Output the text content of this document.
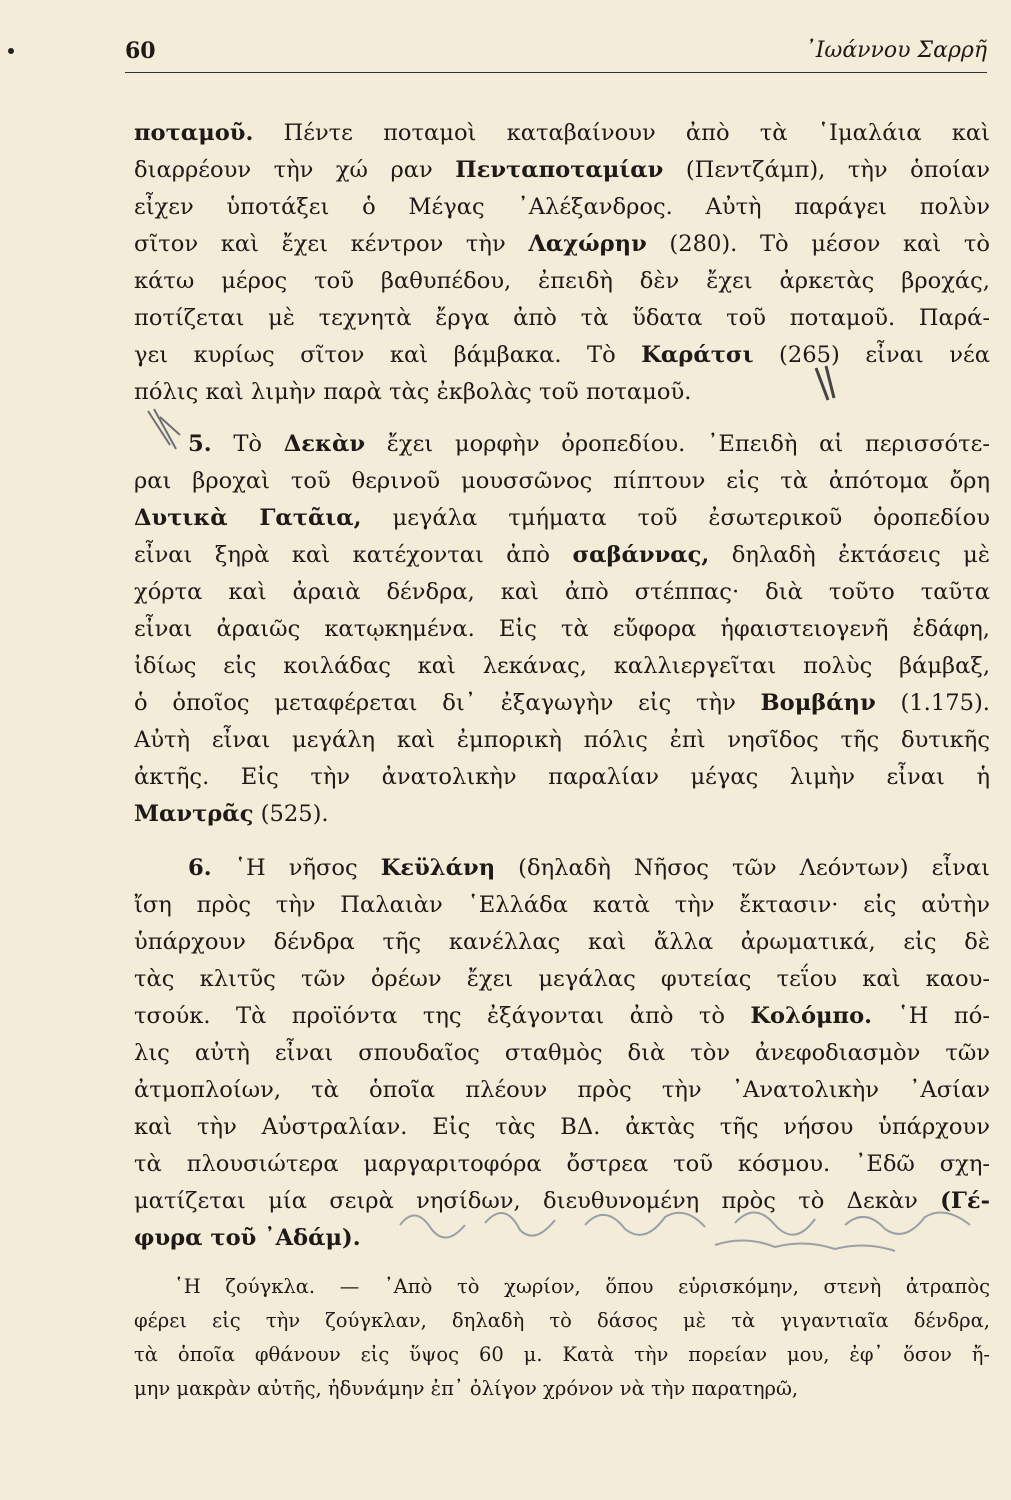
60	᾿Ιωάννου Σαρρῆ
ποταμοῦ. Πέντε ποταμοὶ καταβαίνουν ἀπὸ τὰ ῾Ιμαλάια καὶ
διαρρέουν τὴν χώ ραν Πενταποταμίαν (Πεντζάμπ), τὴν ὁποίαν
εἶχεν ὑποτάξει ὁ Μέγας ᾿Αλέξανδρος. Αὐτὴ παράγει πολὺν
σῖτον καὶ ἔχει κέντρον τὴν Λαχώρην (280). Τὸ μέσον καὶ τὸ
κάτω μέρος τοῦ βαθυπέδου, ἐπειδὴ δὲν ἔχει ἀρκετὰς βροχάς,
ποτίζεται μὲ τεχνητὰ ἔργα ἀπὸ τὰ ὕδατα τοῦ ποταμοῦ. Παρά-
γει κυρίως σῖτον καὶ βάμβακα. Τὸ Καράτσι (265) εἶναι νέα
πόλις καὶ λιμὴν παρὰ τὰς ἐκβολὰς τοῦ ποταμοῦ.
5. Τὸ Δεκὰν ἔχει μορφὴν ὀροπεδίου. ᾿Επειδὴ αἱ περισσότε-
ραι βροχαὶ τοῦ θερινοῦ μουσσῶνος πίπτουν εἰς τὰ ἀπότομα ὄρη
Δυτικὰ Γατᾶια, μεγάλα τμήματα τοῦ ἐσωτερικοῦ ὀροπεδίου
εἶναι ξηρὰ καὶ κατέχονται ἀπὸ σαβάννας, δηλαδὴ ἐκτάσεις μὲ
χόρτα καὶ ἀραιὰ δένδρα, καὶ ἀπὸ στέππας· διὰ τοῦτο ταῦτα
εἶναι ἀραιῶς κατῳκημένα. Εἰς τὰ εὔφορα ἡφαιστειογενῆ ἐδάφη,
ἰδίως εἰς κοιλάδας καὶ λεκάνας, καλλιεργεῖται πολὺς βάμβαξ,
ὁ ὁποῖος μεταφέρεται δι᾿ ἐξαγωγὴν εἰς τὴν Βομβάην (1.175).
Αὐτὴ εἶναι μεγάλη καὶ ἐμπορικὴ πόλις ἐπὶ νησῖδος τῆς δυτικῆς
ἀκτῆς. Εἰς τὴν ἀνατολικὴν παραλίαν μέγας λιμὴν εἶναι ἡ
Μαντρᾶς (525).
6. ῾Η νῆσος Κεϋλάνη (δηλαδὴ Νῆσος τῶν Λεόντων) εἶναι
ἴση πρὸς τὴν Παλαιὰν ῾Ελλάδα κατὰ τὴν ἔκτασιν· εἰς αὐτὴν
ὑπάρχουν δένδρα τῆς κανέλλας καὶ ἄλλα ἀρωματικά, εἰς δὲ
τὰς κλιτῦς τῶν ὀρέων ἔχει μεγάλας φυτείας τεΐου καὶ καου-
τσούκ. Τὰ προϊόντα της ἐξάγονται ἀπὸ τὸ Κολόμπο. ῾Η πό-
λις αὐτὴ εἶναι σπουδαῖος σταθμὸς διὰ τὸν ἀνεφοδιασμὸν τῶν
ἀτμοπλοίων, τὰ ὁποῖα πλέουν πρὸς τὴν ᾿Ανατολικὴν ᾿Ασίαν
καὶ τὴν Αὐστραλίαν. Εἰς τὰς ΒΔ. ἀκτὰς τῆς νήσου ὑπάρχουν
τὰ πλουσιώτερα μαργαριτοφόρα ὄστρεα τοῦ κόσμου. ᾿Εδῶ σχη-
ματίζεται μία σειρὰ νησίδων, διευθυνομένη πρὸς τὸ Δεκὰν (Γέ-
φυρα τοῦ ᾿Αδάμ).
῾Η ζούγκλα. — ᾿Απὸ τὸ χωρίον, ὅπου εὑρισκόμην, στενὴ ἀτραπὸς
φέρει εἰς τὴν ζούγκλαν, δηλαδὴ τὸ δάσος μὲ τὰ γιγαντιαῖα δένδρα,
τὰ ὁποῖα φθάνουν εἰς ὕψος 60 μ. Κατὰ τὴν πορείαν μου, ἐφ᾿ ὅσον ἤ-
μην μακρὰν αὐτῆς, ἠδυνάμην ἐπ᾿ ὀλίγον χρόνον νὰ τὴν παρατηρῶ,
